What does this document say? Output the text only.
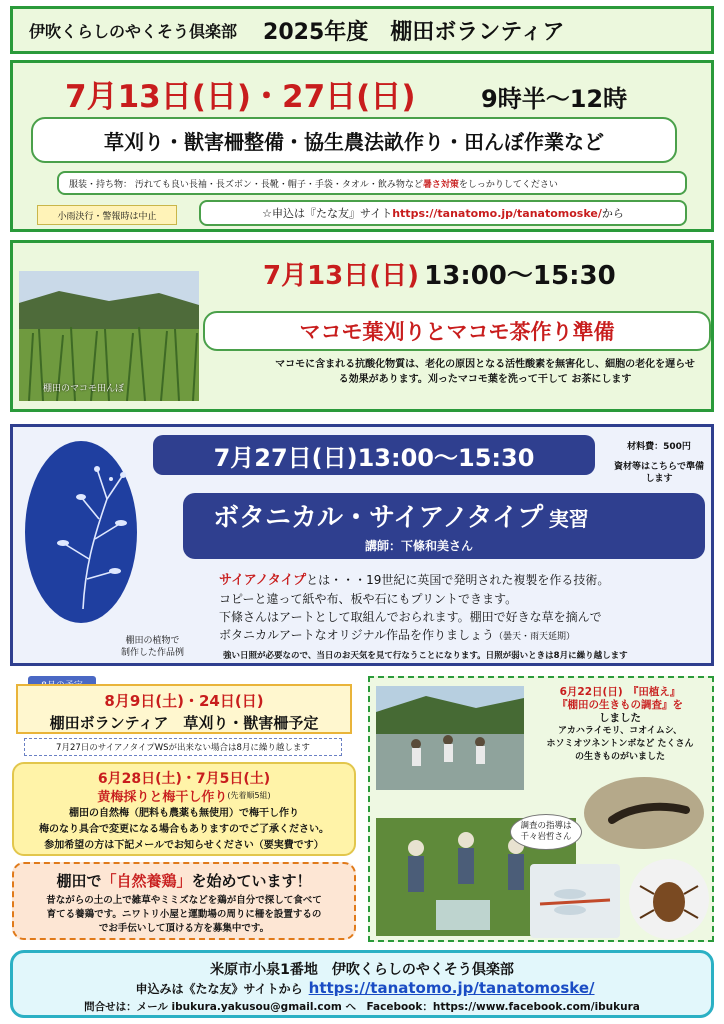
伊吹くらしのやくそう倶楽部 2025年度　棚田ボランティア
7月13日(日)・27日(日)	9時半～12時
草刈り・獣害柵整備・協生農法畝作り・田んぼ作業など
服装・持ち物： 汚れても良い長袖・長ズボン・長靴・帽子・手袋・タオル・飲み物など 暑さ対策 をしっかりしてください
小雨決行・警報時は中止	☆申込は『たな友』サイト https://tanatomo.jp/tanatomoske/ から
棚田のマコモ田んぼ
7月13日(日) 13:00～15:30
マコモ葉刈りとマコモ茶作り準備
マコモに含まれる抗酸化物質は、老化の原因となる活性酸素を無害化し、細胞の老化を遅らせる効果があります。刈ったマコモ葉を洗って干して お茶にします
棚田の植物で
制作した作品例
7月27日(日)13:00～15:30	材料費：500円
資材等はこちらで準備します
ボタニカル・サイアノタイプ 実習
講師：下條和美さん
サイアノタイプとは・・・19世紀に英国で発明された複製を作る技術。
コピーと違って紙や布、板や石にもプリントできます。
下條さんはアートとして取組んでおられます。棚田で好きな草を摘んで
ボタニカルアートなオリジナル作品を作りましょう（曇天・雨天延期）
強い日照が必要なので、当日のお天気を見て行なうことになります。日照が弱いときは8月に繰り越します
8月9日(土)・24日(日)
棚田ボランティア　草刈り・獣害柵予定
7月27日のサイアノタイプWSが出来ない場合は8月に繰り越します
6月28日(土)・7月5日(土)
黄梅採りと梅干し作り (先着順5組)
棚田の自然梅（肥料も農薬も無使用）で梅干し作り
梅のなり具合で変更になる場合もありますのでご了承ください。
参加希望の方は下記メールでお知らせください（要実費です）
棚田で 「自然養鶏」 を始めています！
昔ながらの土の上で雑草やミミズなどを鶏が自分で探して食べて
育てる養鶏です。ニワトリ小屋と運動場の周りに柵を設置するの
でお手伝いして頂ける方を募集中です。
6月22日(日)　『田植え』
『棚田の生きもの調査』を
しました
アカハライモリ、コオイムシ、
ホソミオツネントンボなど たくさん
の生きものがいました
調査の指導は
千々岩哲さん
米原市小泉1番地　伊吹くらしのやくそう倶楽部
申込みは《たな友》サイトから　
https://tanatomo.jp/tanatomoske/
問合せは：メール
ibukura.yakusou@gmail.com
へ　Facebook： https://www.facebook.com/ibukura
